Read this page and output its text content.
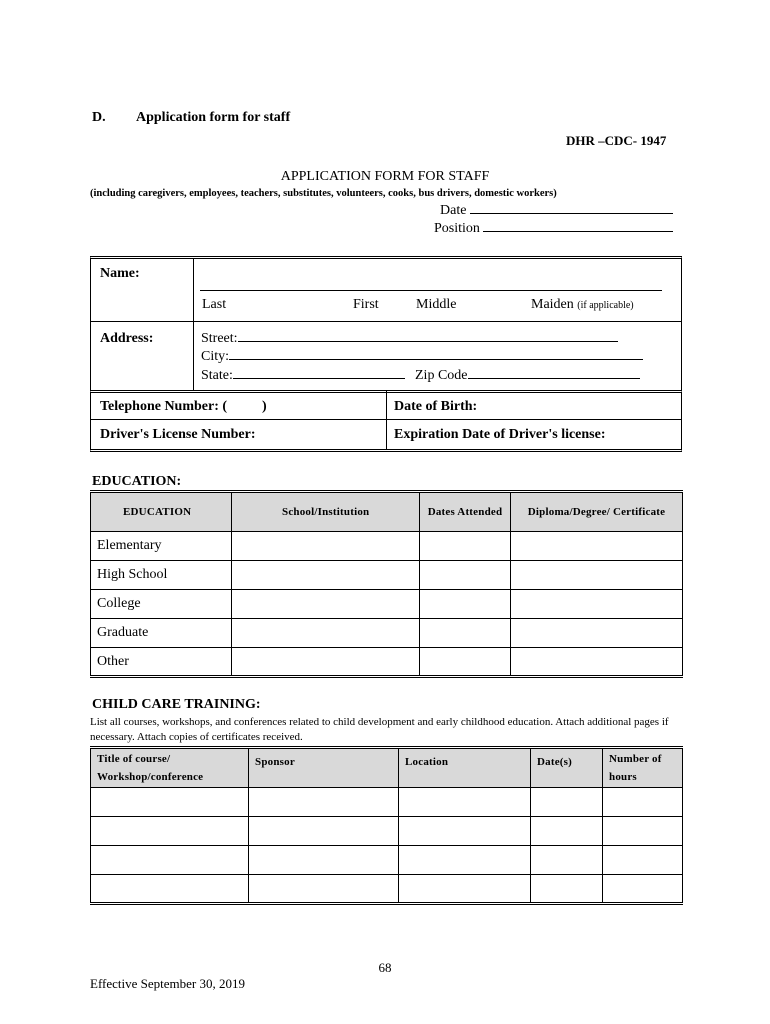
D. Application form for staff
DHR –CDC- 1947
APPLICATION FORM FOR STAFF
(including caregivers, employees, teachers, substitutes, volunteers, cooks, bus drivers, domestic workers)
Date
Position
Name:
Last	First	Middle	Maiden (if applicable)
Address:	Street:
City:
State:	Zip Code
Telephone Number: (          )	Date of Birth:
Driver's License Number:	Expiration Date of Driver's license:
EDUCATION:
EDUCATION	School/Institution	Dates Attended	Diploma/Degree/ Certificate
Elementary			
High School			
College			
Graduate			
Other			
CHILD CARE TRAINING:
List all courses, workshops, and conferences related to child development and early childhood education. Attach additional pages if necessary. Attach copies of certificates received.
Title of course/ Workshop/conference	Sponsor	Location	Date(s)	Number of hours

68
Effective September 30, 2019
